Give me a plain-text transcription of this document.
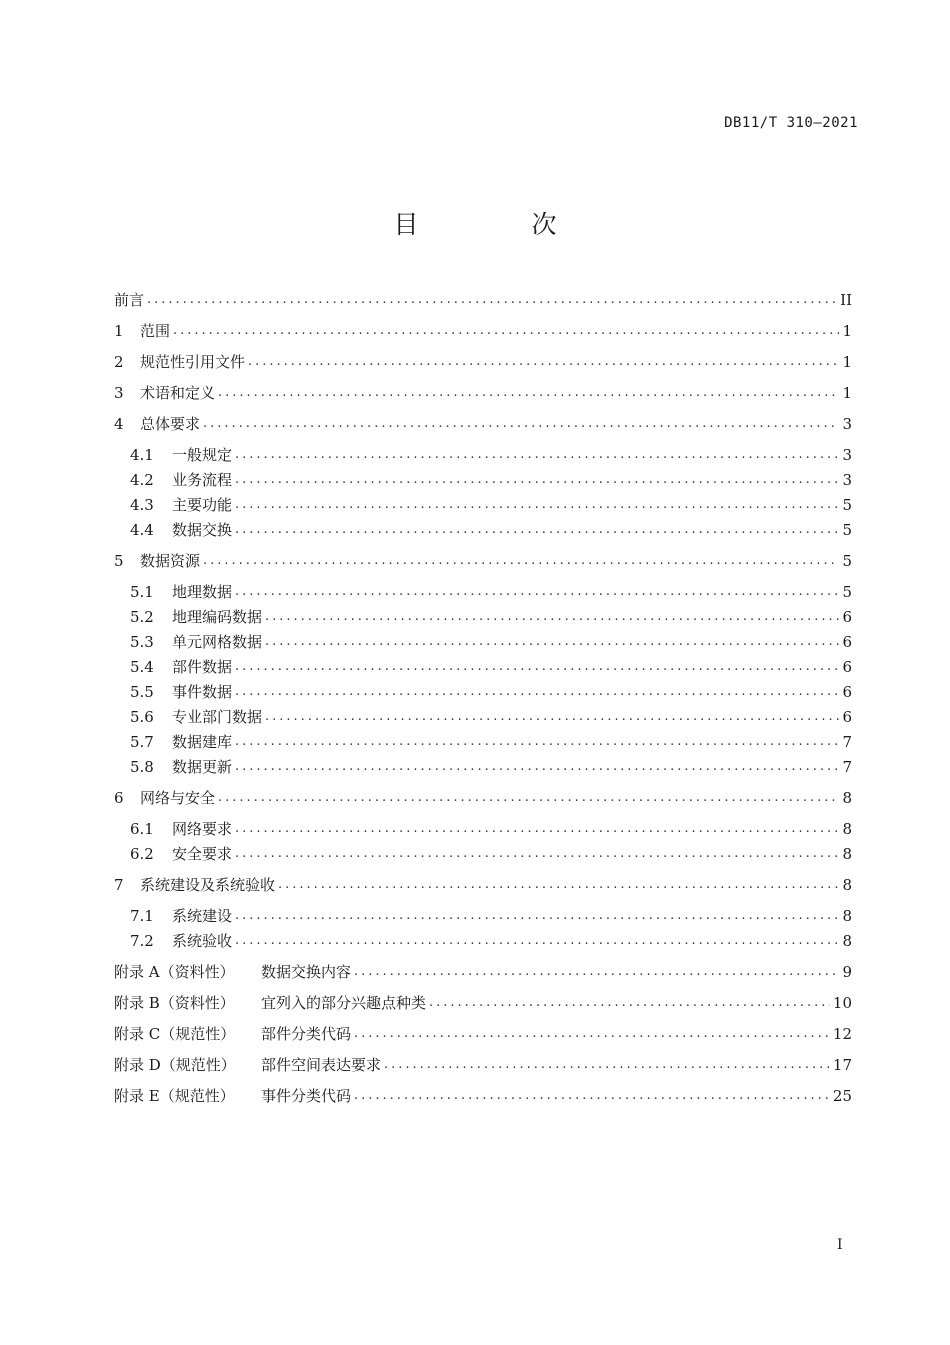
DB11/T 310—2021
目　次
前言 .....	II
1	范围 .....	1
2	规范性引用文件 .....	1
3	术语和定义 .....	1
4	总体要求 .....	3
4.1	一般规定 .....	3
4.2	业务流程 .....	3
4.3	主要功能 .....	5
4.4	数据交换 .....	5
5	数据资源 .....	5
5.1	地理数据 .....	5
5.2	地理编码数据 .....	6
5.3	单元网格数据 .....	6
5.4	部件数据 .....	6
5.5	事件数据 .....	6
5.6	专业部门数据 .....	6
5.7	数据建库 .....	7
5.8	数据更新 .....	7
6	网络与安全 .....	8
6.1	网络要求 .....	8
6.2	安全要求 .....	8
7	系统建设及系统验收 .....	8
7.1	系统建设 .....	8
7.2	系统验收 .....	8
附录 A（资料性）	数据交换内容 .....	9
附录 B（资料性）	宜列入的部分兴趣点种类 .....	10
附录 C（规范性）	部件分类代码 .....	12
附录 D（规范性）	部件空间表达要求 .....	17
附录 E（规范性）	事件分类代码 .....	25
I
